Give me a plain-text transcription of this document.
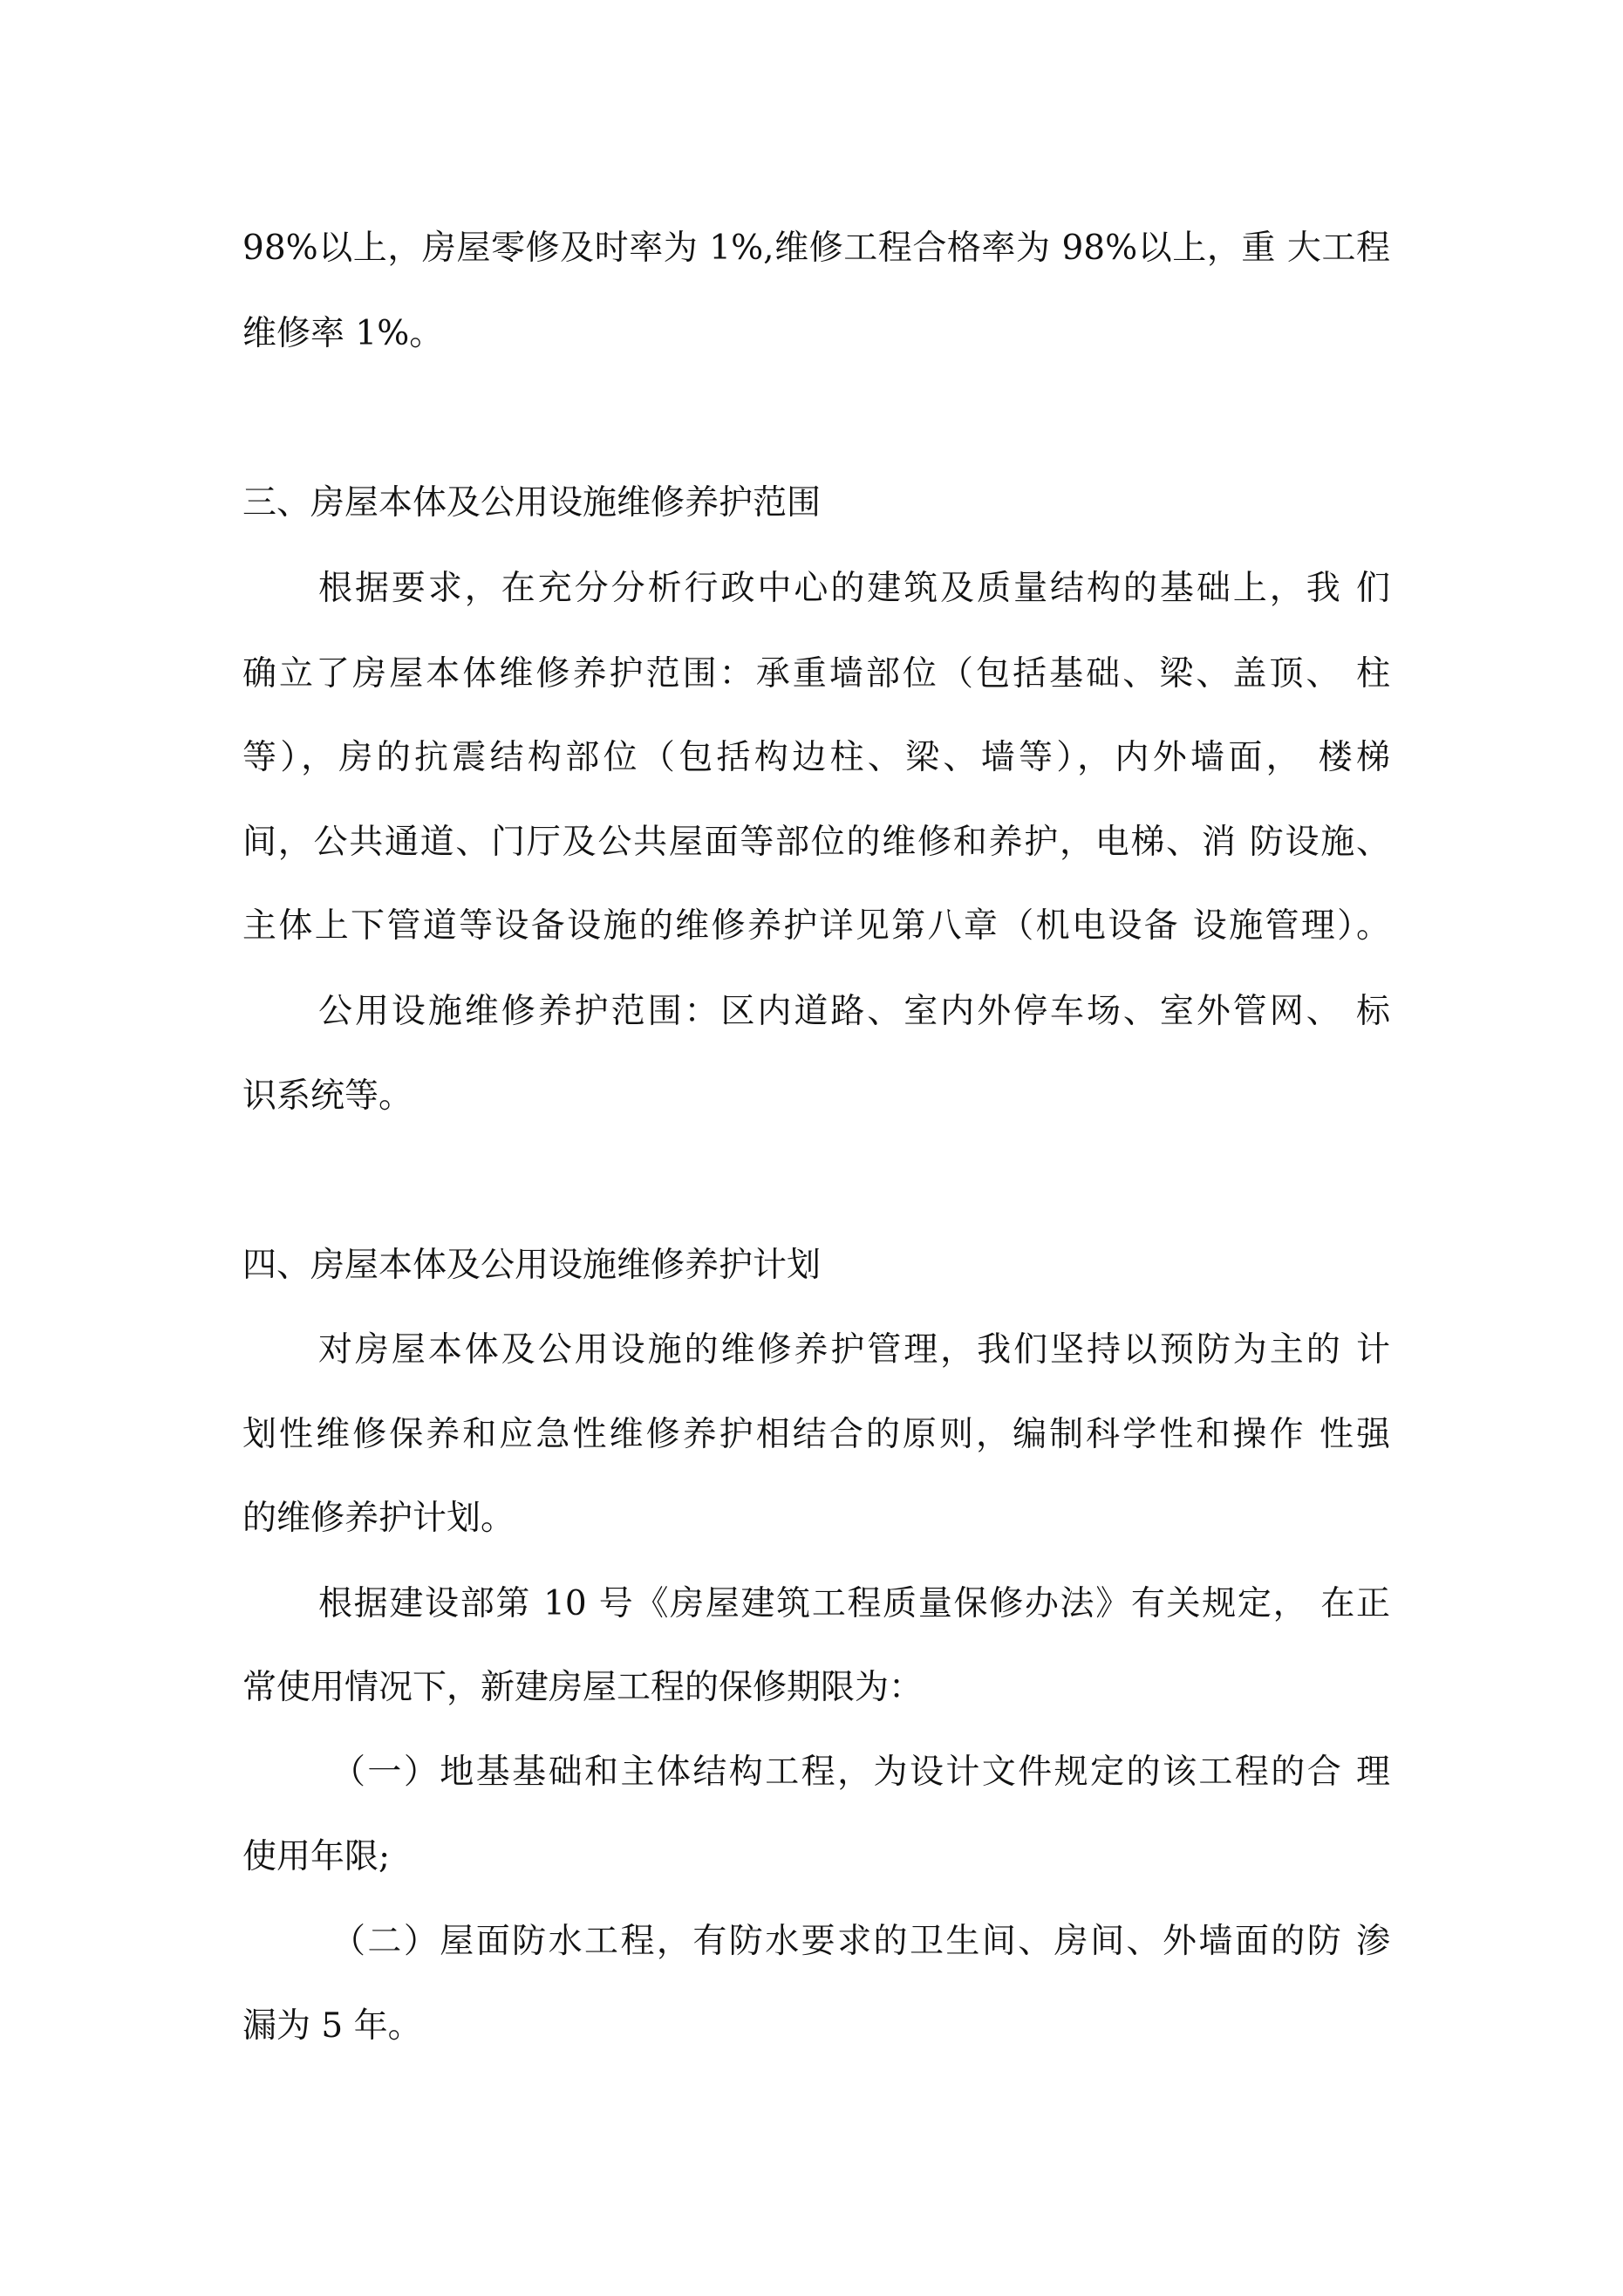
98%以上，房屋零修及时率为 1%,维修工程合格率为 98%以上，重 大工程
维修率 1%。
三、房屋本体及公用设施维修养护范围
根据要求，在充分分析行政中心的建筑及质量结构的基础上，我 们
确立了房屋本体维修养护范围：承重墙部位（包括基础、梁、盖顶、 柱
等），房的抗震结构部位（包括构边柱、梁、墙等），内外墙面， 楼梯
间，公共通道、门厅及公共屋面等部位的维修和养护，电梯、消 防设施、
主体上下管道等设备设施的维修养护详见第八章（机电设备 设施管理）。
公用设施维修养护范围：区内道路、室内外停车场、室外管网、 标
识系统等。
四、房屋本体及公用设施维修养护计划
对房屋本体及公用设施的维修养护管理，我们坚持以预防为主的 计
划性维修保养和应急性维修养护相结合的原则，编制科学性和操作 性强
的维修养护计划。
根据建设部第 10 号《房屋建筑工程质量保修办法》有关规定， 在正
常使用情况下，新建房屋工程的保修期限为：
（一）地基基础和主体结构工程，为设计文件规定的该工程的合 理
使用年限;
（二）屋面防水工程，有防水要求的卫生间、房间、外墙面的防 渗
漏为 5 年。
